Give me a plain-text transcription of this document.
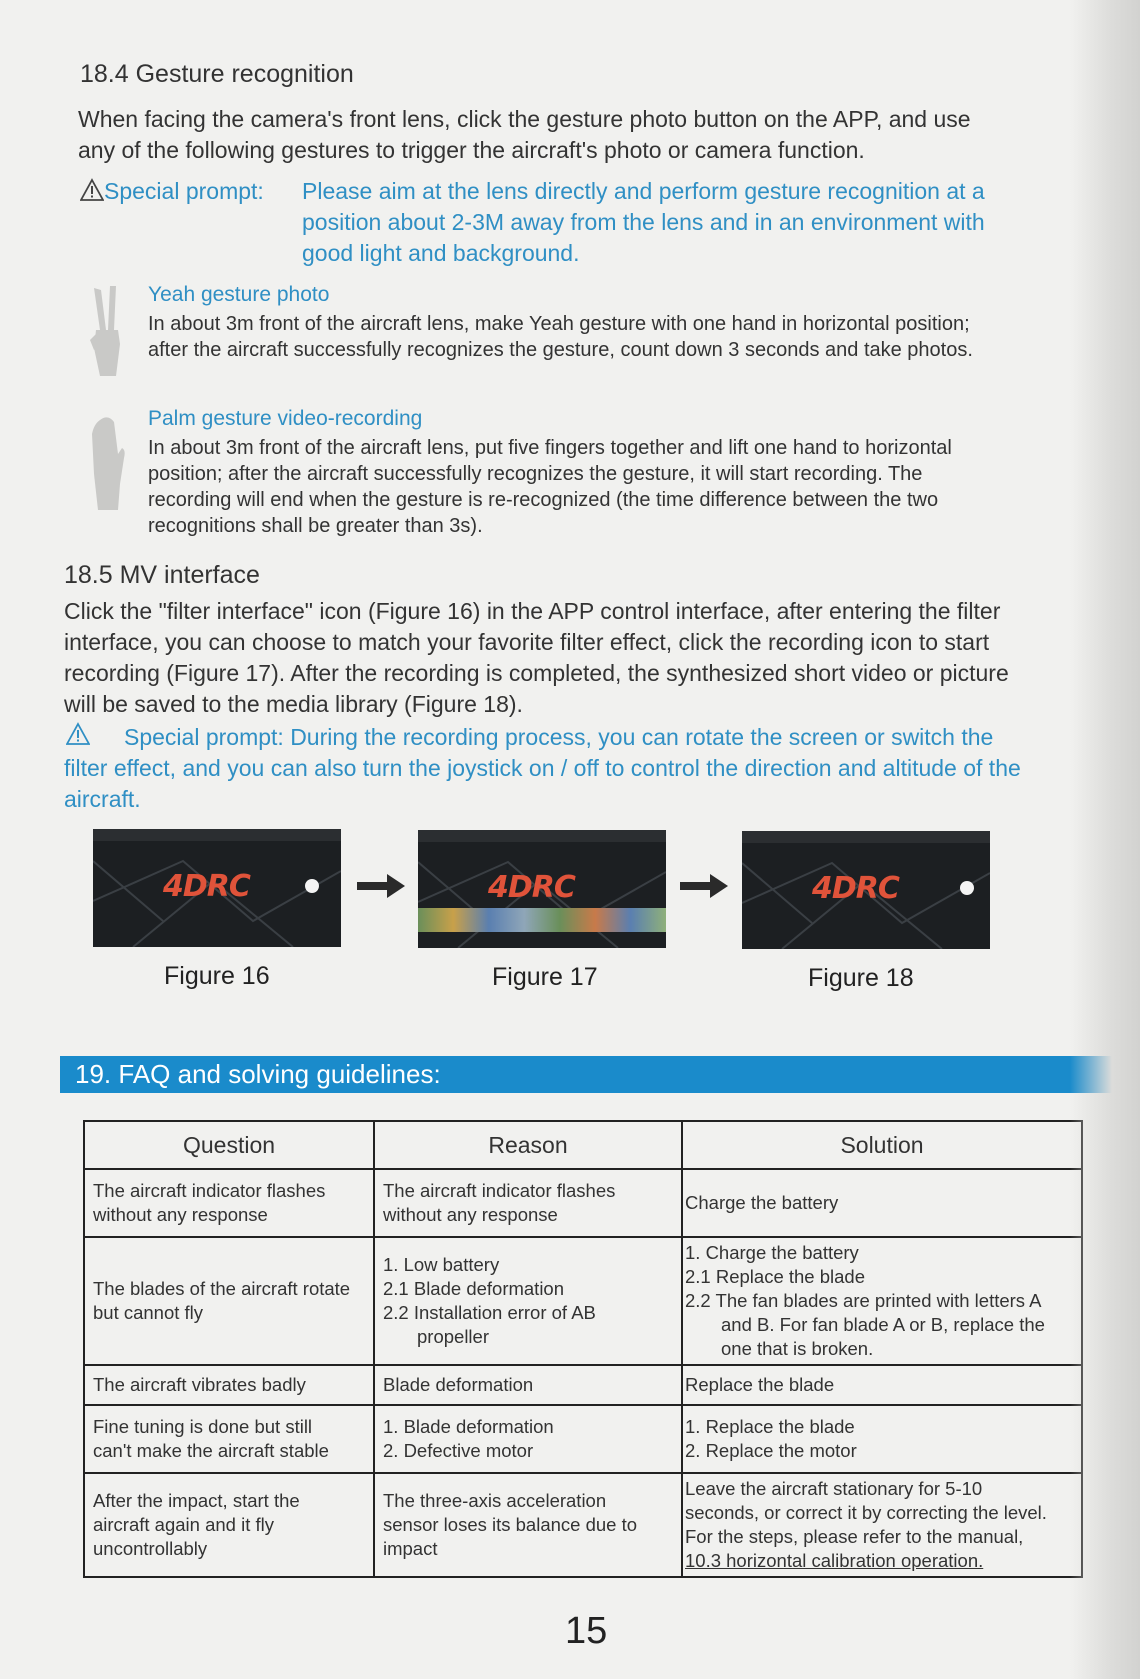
18.4 Gesture recognition
When facing the camera's front lens, click the gesture photo button on the APP, and use
any of the following gestures to trigger the aircraft's photo or camera function.
Special prompt:	Please aim at the lens directly and perform gesture recognition at a
position about 2-3M away from the lens and in an environment with
good light and background.
Yeah gesture photo
In about 3m front of the aircraft lens, make Yeah gesture with one hand in horizontal position;
after the aircraft successfully recognizes the gesture, count down 3 seconds and take photos.
Palm gesture video-recording
In about 3m front of the aircraft lens, put five fingers together and lift one hand to horizontal
position; after the aircraft successfully recognizes the gesture, it will start recording. The
recording will end when the gesture is re-recognized (the time difference between the two
recognitions shall be greater than 3s).
18.5 MV interface
Click the "filter interface" icon (Figure 16) in the APP control interface, after entering the filter
interface, you can choose to match your favorite filter effect, click the recording icon to start
recording (Figure 17). After the recording is completed, the synthesized short video or picture
will be saved to the media library (Figure 18).
Special prompt: During the recording process, you can rotate the screen or switch the
filter effect, and you can also turn the joystick on / off to control the direction and altitude of the
aircraft.
4DRC	4DRC	4DRC
Figure 16	Figure 17	Figure 18
19. FAQ and solving guidelines:
Question	Reason	Solution

The aircraft indicator flashes
without any response	The aircraft indicator flashes
without any response	Charge the battery

The blades of the aircraft rotate
but cannot fly	1. Low battery
2.1 Blade deformation
2.2 Installation error of AB
propeller	1. Charge the battery
2.1 Replace the blade
2.2 The fan blades are printed with letters A
and B. For fan blade A or B, replace the
one that is broken.

The aircraft vibrates badly	Blade deformation	Replace the blade

Fine tuning is done but still
can't make the aircraft stable	1. Blade deformation
2. Defective motor	1. Replace the blade
2. Replace the motor

After the impact, start the
aircraft again and it fly
uncontrollably	The three-axis acceleration
sensor loses its balance due to
impact	Leave the aircraft stationary for 5-10
seconds, or correct it by correcting the level.
For the steps, please refer to the manual,
10.3 horizontal calibration operation.
15
